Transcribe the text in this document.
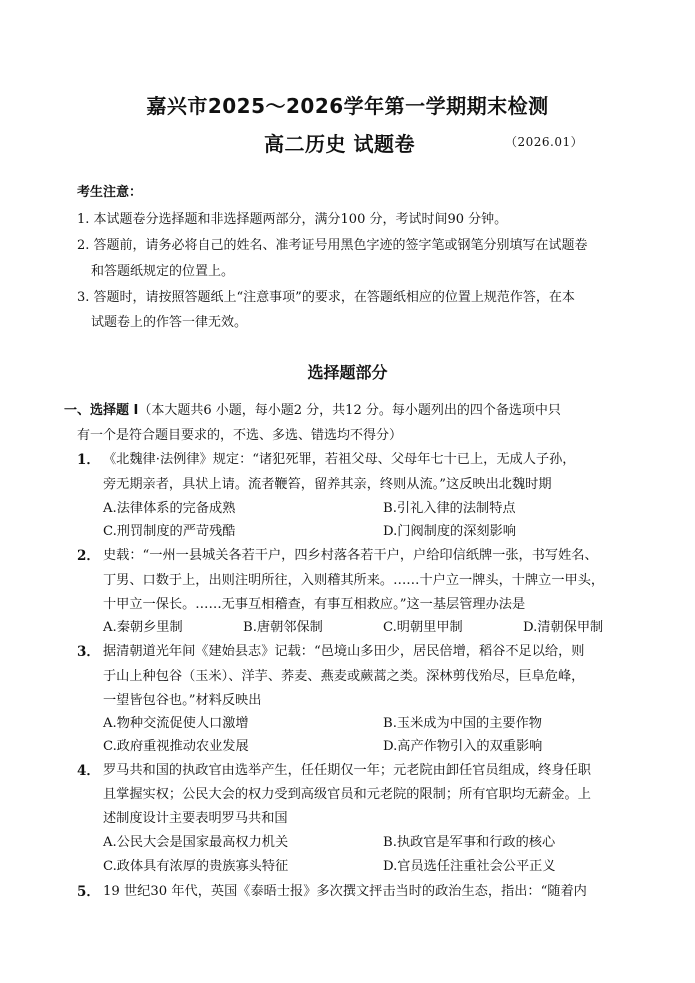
嘉兴市2025～2026学年第一学期期末检测
高二历史 试题卷	（2026.01）
考生注意：
1. 本试题卷分选择题和非选择题两部分，满分100 分，考试时间90 分钟。
2. 答题前，请务必将自己的姓名、准考证号用黑色字迹的签字笔或钢笔分别填写在试题卷
和答题纸规定的位置上。
3. 答题时，请按照答题纸上“注意事项”的要求，在答题纸相应的位置上规范作答，在本
试题卷上的作答一律无效。
选择题部分
一、选择题 Ⅰ（本大题共6 小题，每小题2 分，共12 分。每小题列出的四个备选项中只
有一个是符合题目要求的，不选、多选、错选均不得分）
1． 《北魏律·法例律》规定：“诸犯死罪，若祖父母、父母年七十已上，无成人子孙，
旁无期亲者，具状上请。流者鞭笞，留养其亲，终则从流。”这反映出北魏时期
A.法律体系的完备成熟	B.引礼入律的法制特点
C.刑罚制度的严苛残酷	D.门阀制度的深刻影响
2． 史载：“一州一县城关各若干户，四乡村落各若干户，户给印信纸牌一张，书写姓名、
丁男、口数于上，出则注明所往，入则稽其所来。……十户立一牌头，十牌立一甲头，
十甲立一保长。……无事互相稽查，有事互相救应。”这一基层管理办法是
A.秦朝乡里制	B.唐朝邻保制	C.明朝里甲制	D.清朝保甲制
3． 据清朝道光年间《建始县志》记载：“邑境山多田少，居民倍增，稻谷不足以给，则
于山上种包谷（玉米）、洋芋、荞麦、燕麦或蕨蒿之类。深林剪伐殆尽，巨阜危峰，
一望皆包谷也。”材料反映出
A.物种交流促使人口激增	B.玉米成为中国的主要作物
C.政府重视推动农业发展	D.高产作物引入的双重影响
4． 罗马共和国的执政官由选举产生，任任期仅一年；元老院由卸任官员组成，终身任职
且掌握实权；公民大会的权力受到高级官员和元老院的限制；所有官职均无薪金。上
述制度设计主要表明罗马共和国
A.公民大会是国家最高权力机关	B.执政官是军事和行政的核心
C.政体具有浓厚的贵族寡头特征	D.官员选任注重社会公平正义
5． 19 世纪30 年代，英国《泰晤士报》多次撰文抨击当时的政治生态，指出：“随着内
